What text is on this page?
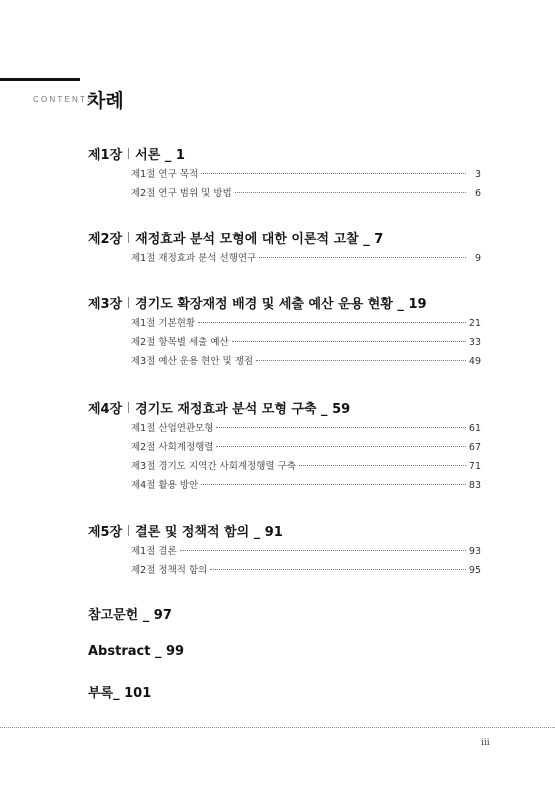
CONTENTS
차례
제1장 서론 _ 1
제1절 연구 목적	3
제2절 연구 범위 및 방법	6
제2장 재정효과 분석 모형에 대한 이론적 고찰 _ 7
제1절 재정효과 분석 선행연구	9
제3장 경기도 확장재정 배경 및 세출 예산 운용 현황 _ 19
제1절 기본현황	21
제2절 항목별 세출 예산	33
제3절 예산 운용 현안 및 쟁점	49
제4장 경기도 재정효과 분석 모형 구축 _ 59
제1절 산업연관모형	61
제2절 사회계정행렬	67
제3절 경기도 지역간 사회계정행렬 구축	71
제4절 활용 방안	83
제5장 결론 및 정책적 함의 _ 91
제1절 결론	93
제2절 정책적 함의	95
참고문헌 _ 97
Abstract _ 99
부록_ 101
iii
